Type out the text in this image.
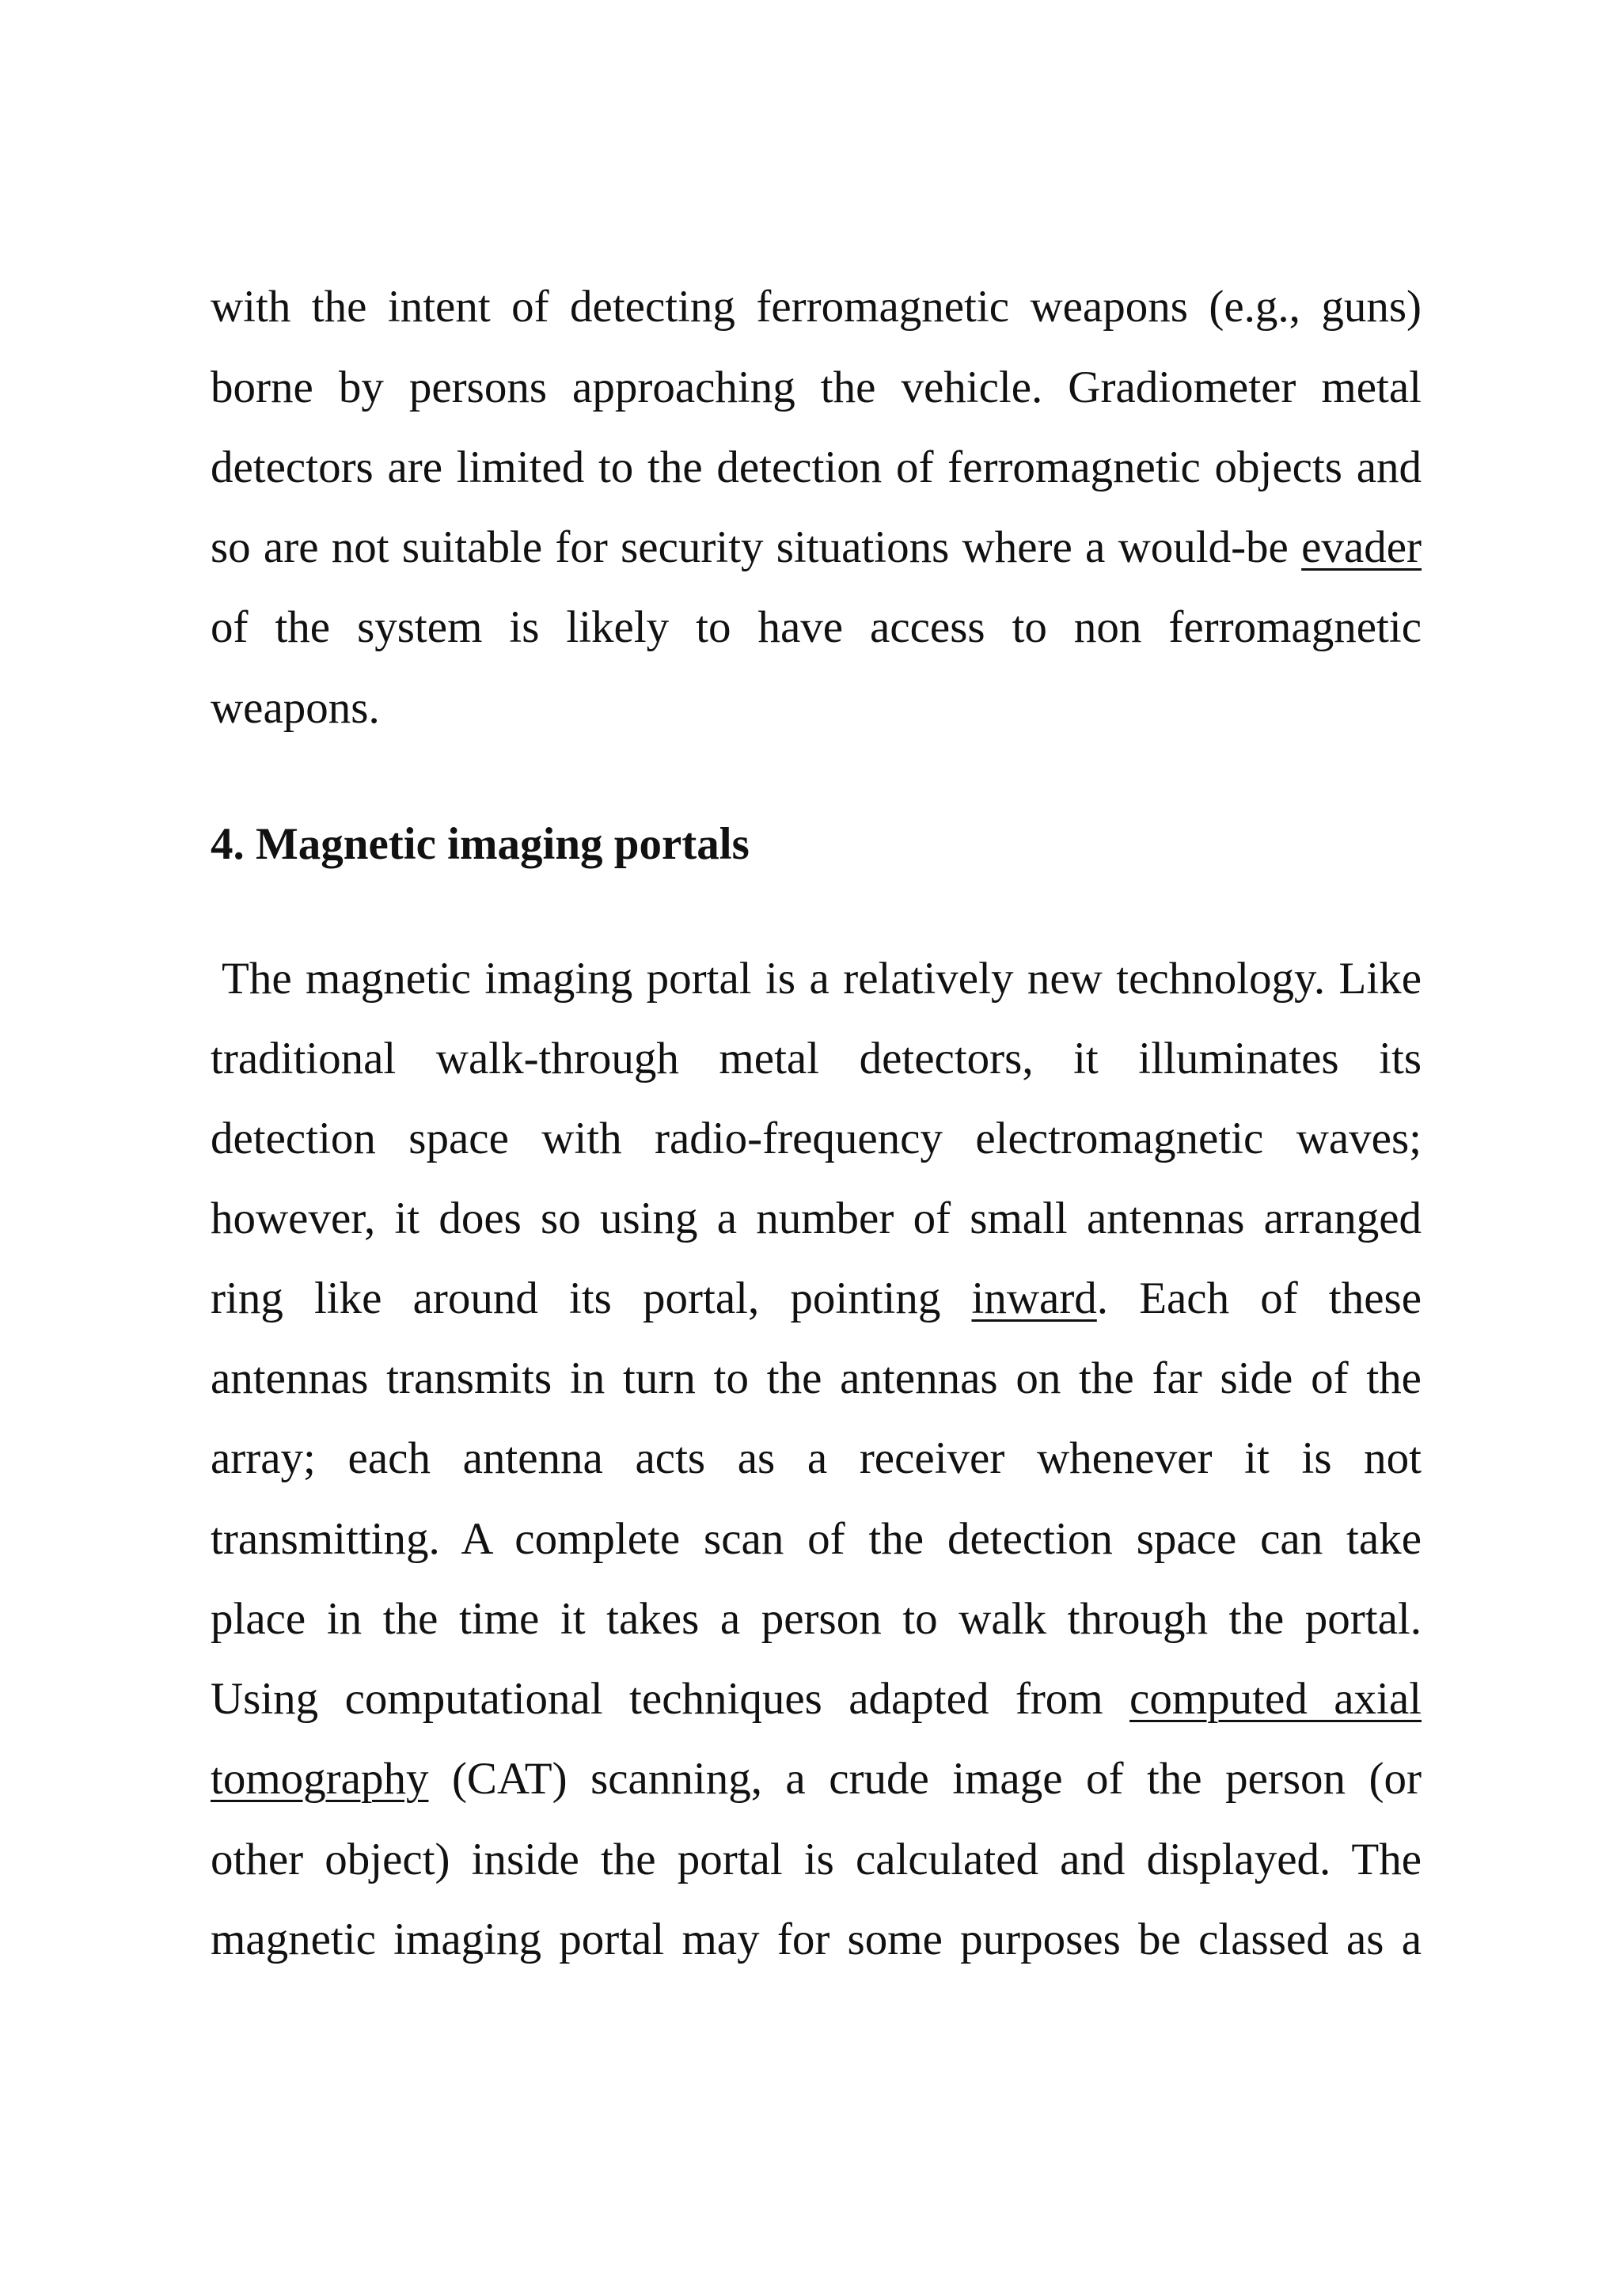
with the intent of detecting ferromagnetic weapons (e.g., guns)
borne by persons approaching the vehicle. Gradiometer metal
detectors are limited to the detection of ferromagnetic objects and
so are not suitable for security situations where a would-be evader
of the system is likely to have access to non ferromagnetic
weapons.
4. Magnetic imaging portals
The magnetic imaging portal is a relatively new technology. Like
traditional walk-through metal detectors, it illuminates its
detection space with radio-frequency electromagnetic waves;
however, it does so using a number of small antennas arranged
ring like around its portal, pointing inward. Each of these
antennas transmits in turn to the antennas on the far side of the
array; each antenna acts as a receiver whenever it is not
transmitting. A complete scan of the detection space can take
place in the time it takes a person to walk through the portal.
Using computational techniques adapted from computed axial
tomography (CAT) scanning, a crude image of the person (or
other object) inside the portal is calculated and displayed. The
magnetic imaging portal may for some purposes be classed as a
